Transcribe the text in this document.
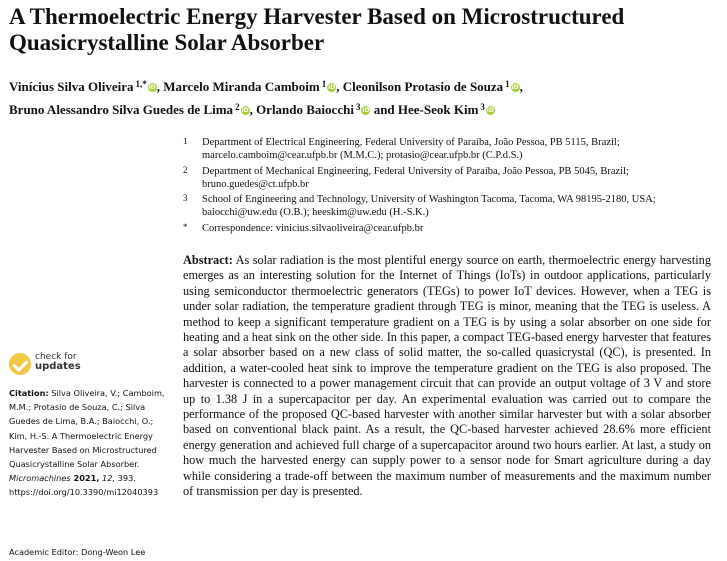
A Thermoelectric Energy Harvester Based on Microstructured Quasicrystalline Solar Absorber
Vinícius Silva Oliveira $^{1,*}$ iD, Marcelo Miranda Camboim $^1$ iD, Cleonilson Protasio de Souza $^1$ iD,
Bruno Alessandro Silva Guedes de Lima $^2$ iD, Orlando Baiocchi $^3$ iD and Hee-Seok Kim $^3$ iD
1 Department of Electrical Engineering, Federal University of Paraíba, João Pessoa, PB 5115, Brazil; marcelo.camboim@cear.ufpb.br (M.M.C.); protasio@cear.ufpb.br (C.P.d.S.)
2 Department of Mechanical Engineering, Federal University of Paraíba, João Pessoa, PB 5045, Brazil; bruno.guedes@ct.ufpb.br
3 School of Engineering and Technology, University of Washington Tacoma, Tacoma, WA 98195-2180, USA; baiocchi@uw.edu (O.B.); heeskim@uw.edu (H.-S.K.)
* Correspondence: vinicius.silvaoliveira@cear.ufpb.br

Abstract: As solar radiation is the most plentiful energy source on earth, thermoelectric energy harvesting emerges as an interesting solution for the Internet of Things (IoTs) in outdoor applications, particularly using semiconductor thermoelectric generators (TEGs) to power IoT devices. However, when a TEG is under solar radiation, the temperature gradient through TEG is minor, meaning that the TEG is useless. A method to keep a significant temperature gradient on a TEG is by using a solar absorber on one side for heating and a heat sink on the other side. In this paper, a compact TEG-based energy harvester that features a solar absorber based on a new class of solid matter, the so-called quasicrystal (QC), is presented. In addition, a water-cooled heat sink to improve the temperature gradient on the TEG is also proposed. The harvester is connected to a power management circuit that can provide an output voltage of 3 V and store up to 1.38 J in a supercapacitor per day. An experimental evaluation was carried out to compare the performance of the proposed QC-based harvester with another similar harvester but with a solar absorber based on conventional black paint. As a result, the QC-based harvester achieved 28.6% more efficient energy generation and achieved full charge of a supercapacitor around two hours earlier. At last, a study on how much the harvested energy can supply power to a sensor node for Smart agriculture during a day while considering a trade-off between the maximum number of measurements and the maximum number of transmission per day is presented.

check for
updates
Citation: Silva Oliveira, V.; Camboim, M.M.; Protasio de Souza, C.; Silva Guedes de Lima, B.A.; Baiocchi, O.; Kim, H.-S. A Thermoelectric Energy Harvester Based on Microstructured Quasicrystalline Solar Absorber. Micromachines 2021, 12, 393. https://doi.org/10.3390/mi12040393
Academic Editor: Dong-Weon Lee
